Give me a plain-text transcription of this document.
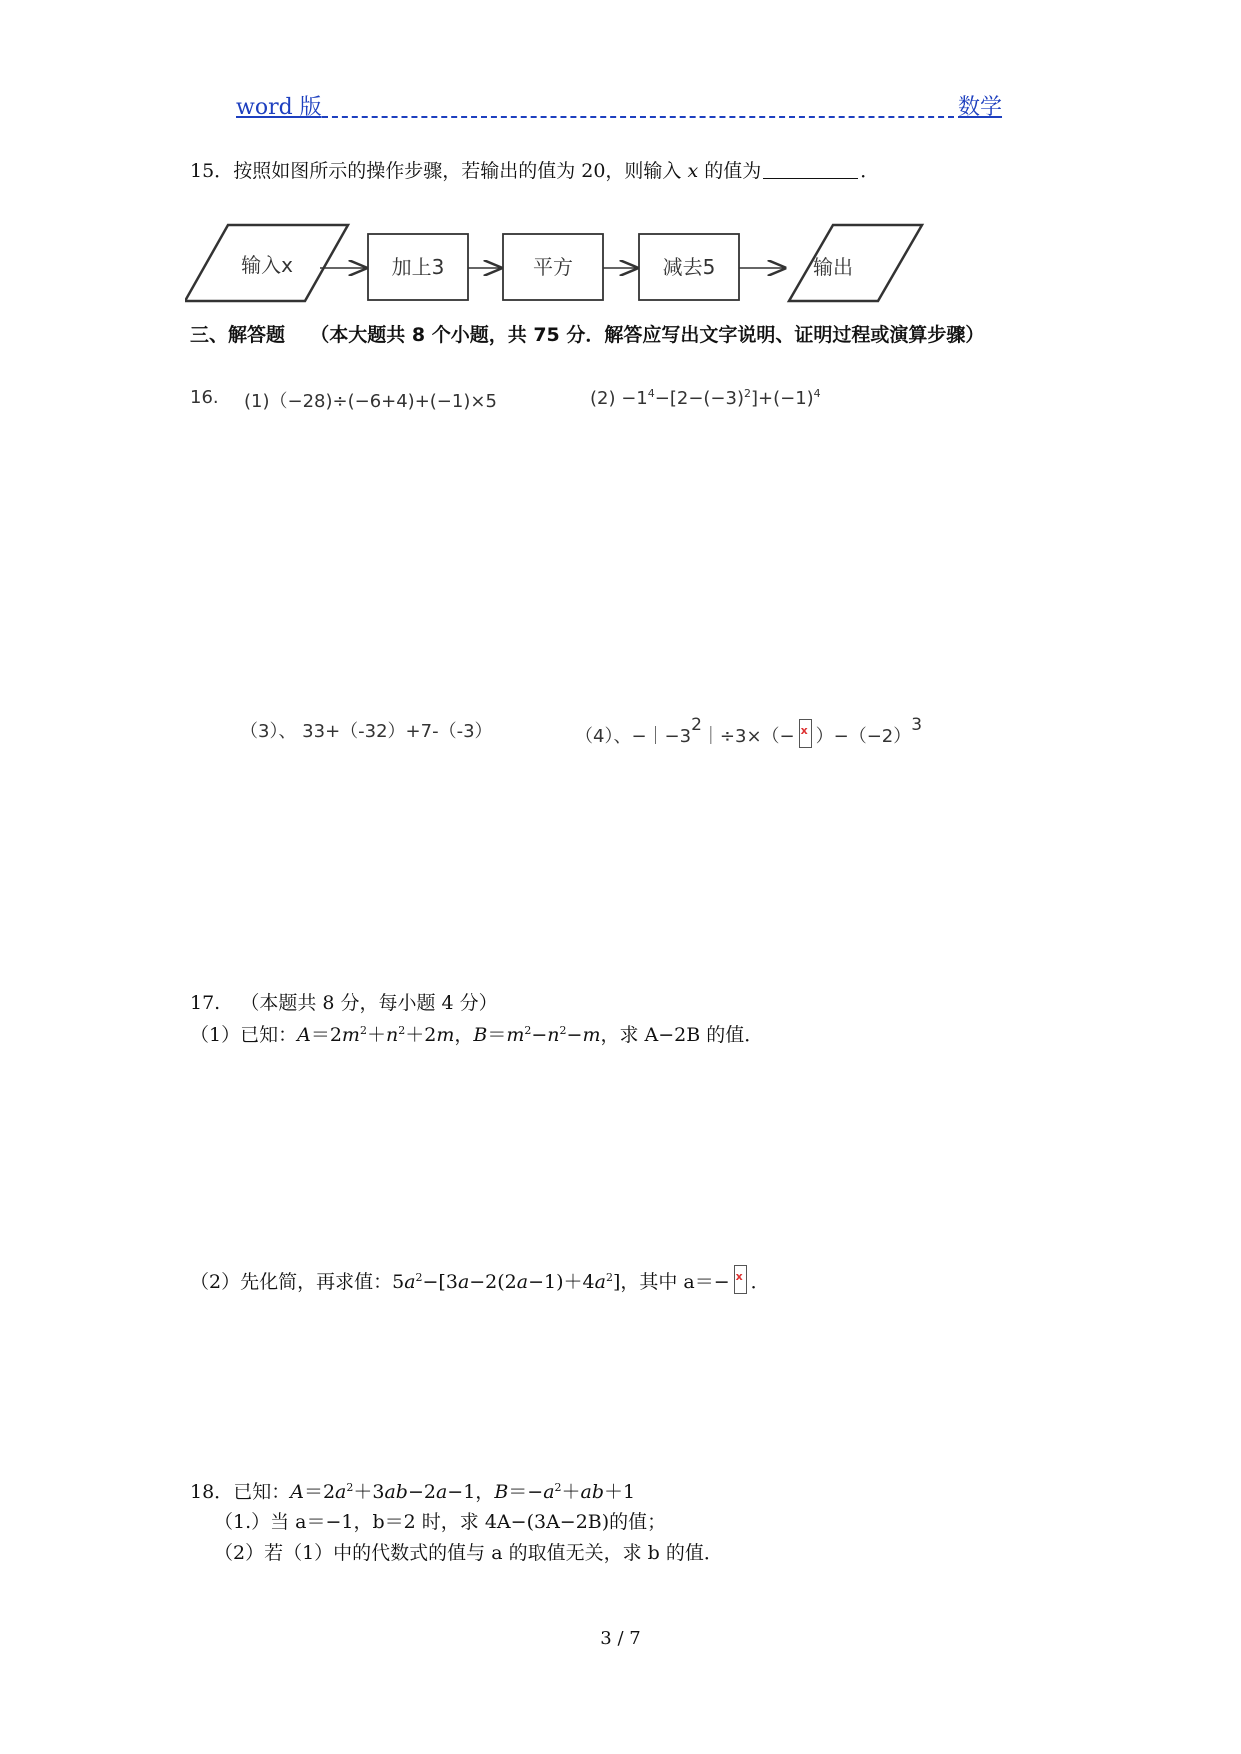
word 版	数学
15．按照如图所示的操作步骤，若输出的值为 20，则输入 x 的值为	．
输入x	加上3	平方	减去5	输出
三、解答题 （本大题共 8 个小题，共 75 分．解答应写出文字说明、证明过程或演算步骤）
16. (1)（−28)÷(−6+4)+(−1)×5	$(2) -1^4-[2-(-3)^2]+(-1)^4$
（3）、 33+（-32）+7-（-3）	（4）、$-|-3^2|\div 3\times(- x$ ）$-(-2)^3$
17. （本题共 8 分，每小题 4 分）
（1）已知：$A=2m^2+n^2+2m$，$B=m^2-n^2-m$，求 A−2B 的值．
（2）先化简，再求值：$5a^2-[3a-2(2a-1)+4a^2]$，其中 a＝− x ．
18．已知：$A=2a^2+3ab-2a-1$，$B=-a^2+ab+1$
（1.）当 a＝−1，b＝2 时，求 4A−(3A−2B)的值；
（2）若（1）中的代数式的值与 a 的取值无关，求 b 的值．
3 / 7
